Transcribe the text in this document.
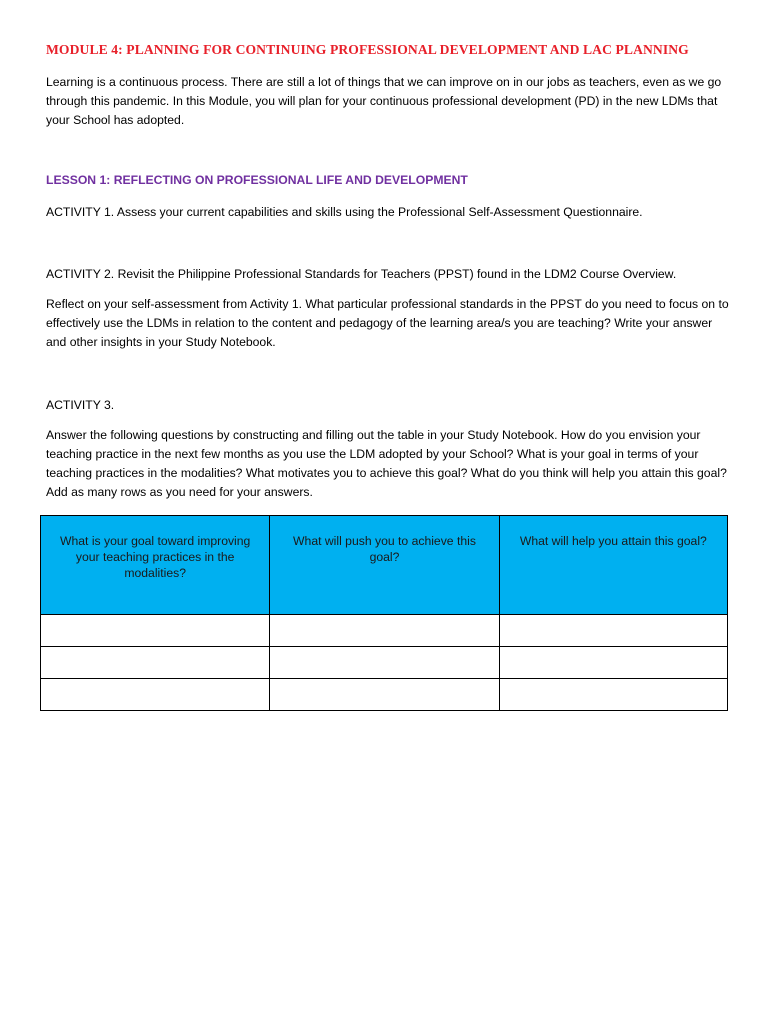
MODULE 4: PLANNING FOR CONTINUING PROFESSIONAL DEVELOPMENT AND LAC PLANNING

Learning is a continuous process. There are still a lot of things that we can improve on in our jobs as teachers, even as we go through this pandemic. In this Module, you will plan for your continuous professional development (PD) in the new LDMs that your School has adopted.

LESSON 1: REFLECTING ON PROFESSIONAL LIFE AND DEVELOPMENT

ACTIVITY 1. Assess your current capabilities and skills using the Professional Self-Assessment Questionnaire.

ACTIVITY 2. Revisit the Philippine Professional Standards for Teachers (PPST) found in the LDM2 Course Overview.

Reflect on your self-assessment from Activity 1. What particular professional standards in the PPST do you need to focus on to effectively use the LDMs in relation to the content and pedagogy of the learning area/s you are teaching? Write your answer and other insights in your Study Notebook.

ACTIVITY 3.

Answer the following questions by constructing and filling out the table in your Study Notebook. How do you envision your teaching practice in the next few months as you use the LDM adopted by your School? What is your goal in terms of your teaching practices in the modalities? What motivates you to achieve this goal? What do you think will help you attain this goal? Add as many rows as you need for your answers.

What is your goal toward improving your teaching practices in the modalities?	What will push you to achieve this goal?	What will help you attain this goal?
